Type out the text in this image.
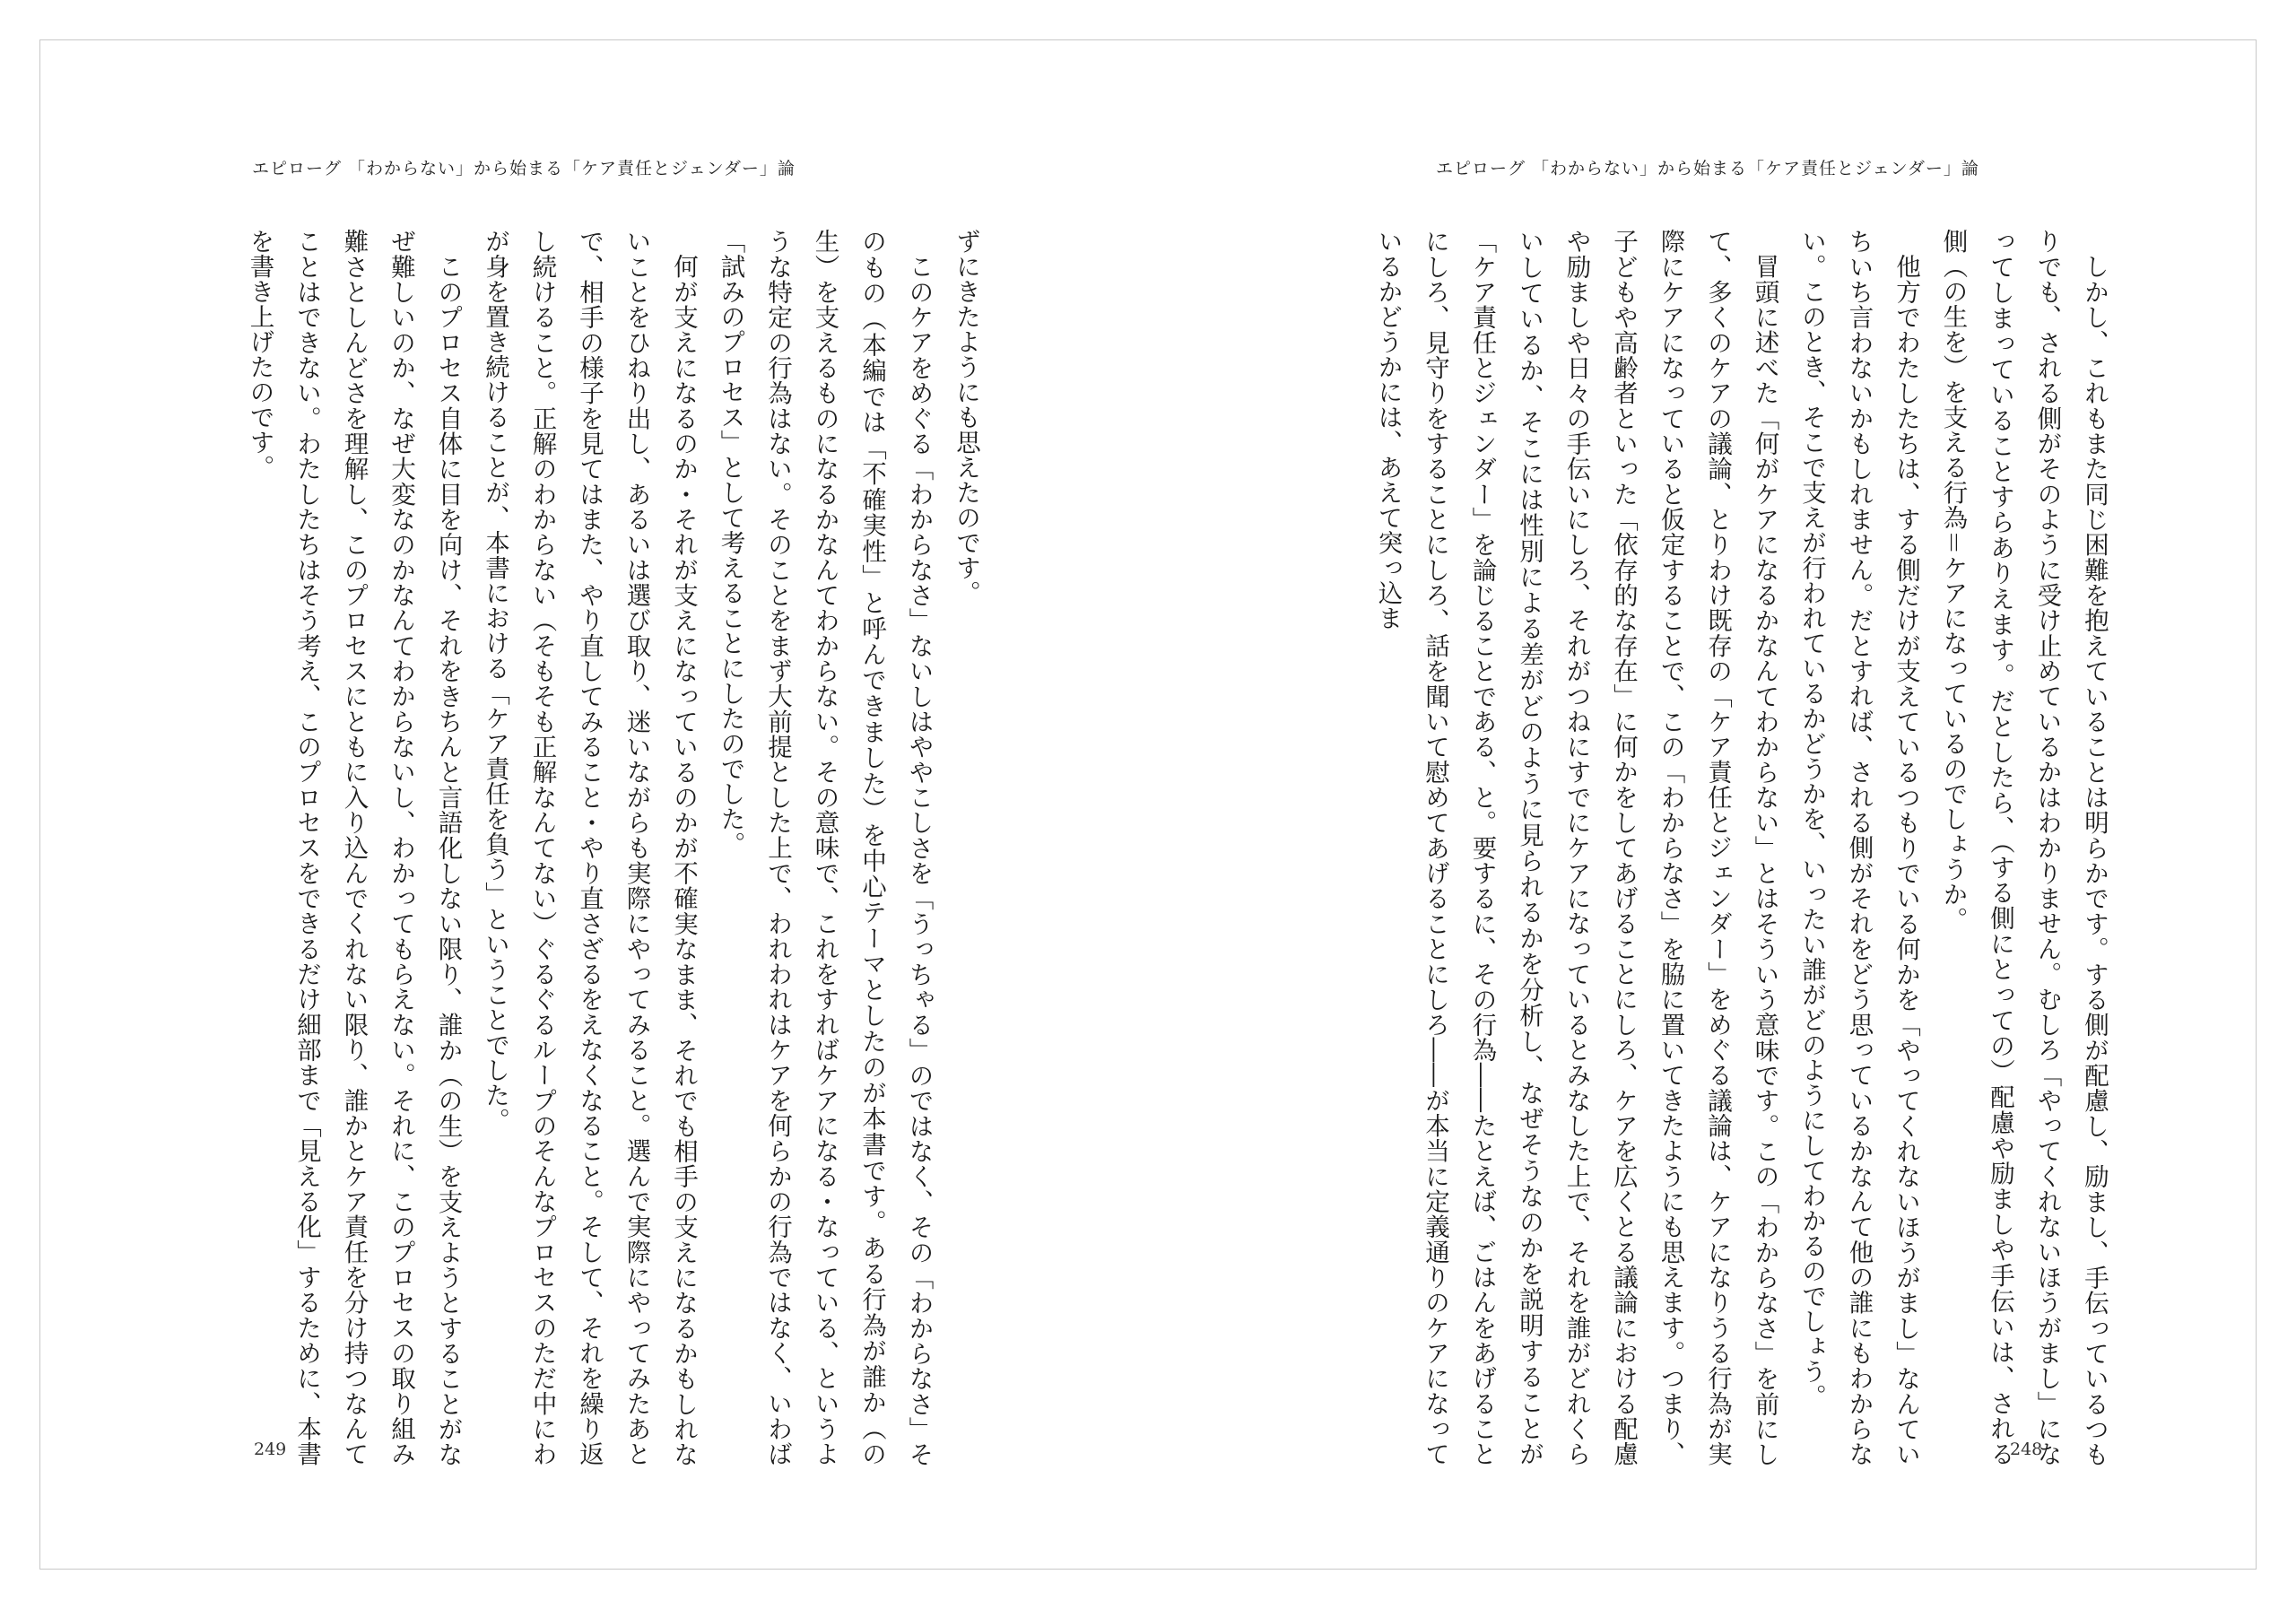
エピローグ 「わからない」から始まる「ケア責任とジェンダー」論

ずにきたようにも思えたのです。

このケアをめぐる「わからなさ」ないしはややこしさを「うっちゃる」のではなく、その「わからなさ」そのもの（本編では「不確実性」と呼んできました）を中心テーマとしたのが本書です。ある行為が誰か（の生）を支えるものになるかなんてわからない。その意味で、これをすればケアになる・なっている、というような特定の行為はない。そのことをまず大前提とした上で、われわれはケアを何らかの行為ではなく、いわば「試みのプロセス」として考えることにしたのでした。

何が支えになるのか・それが支えになっているのかが不確実なまま、それでも相手の支えになるかもしれないことをひねり出し、あるいは選び取り、迷いながらも実際にやってみること。選んで実際にやってみたあとで、相手の様子を見てはまた、やり直してみること・やり直さざるをえなくなること。そして、それを繰り返し続けること。正解のわからない（そもそも正解なんてない）ぐるぐるループのそんなプロセスのただ中にわが身を置き続けることが、本書における「ケア責任を負う」ということでした。

このプロセス自体に目を向け、それをきちんと言語化しない限り、誰か（の生）を支えようとすることがなぜ難しいのか、なぜ大変なのかなんてわからないし、わかってもらえない。それに、このプロセスの取り組み難さとしんどさを理解し、このプロセスにともに入り込んでくれない限り、誰かとケア責任を分け持つなんてことはできない。わたしたちはそう考え、このプロセスをできるだけ細部まで「見える化」するために、本書を書き上げたのです。

249
エピローグ 「わからない」から始まる「ケア責任とジェンダー」論

しかし、これもまた同じ困難を抱えていることは明らかです。する側が配慮し、励まし、手伝っているつもりでも、される側がそのように受け止めているかはわかりません。むしろ「やってくれないほうがまし」になってしまっていることすらありえます。だとしたら、（する側にとっての）配慮や励ましや手伝いは、される側（の生を）を支える行為＝ケアになっているのでしょうか。

他方でわたしたちは、する側だけが支えているつもりでいる何かを「やってくれないほうがまし」なんていちいち言わないかもしれません。だとすれば、される側がそれをどう思っているかなんて他の誰にもわからない。このとき、そこで支えが行われているかどうかを、いったい誰がどのようにしてわかるのでしょう。

冒頭に述べた「何がケアになるかなんてわからない」とはそういう意味です。この「わからなさ」を前にして、多くのケアの議論、とりわけ既存の「ケア責任とジェンダー」をめぐる議論は、ケアになりうる行為が実際にケアになっていると仮定することで、この「わからなさ」を脇に置いてきたようにも思えます。つまり、子どもや高齢者といった「依存的な存在」に何かをしてあげることにしろ、ケアを広くとる議論における配慮や励ましや日々の手伝いにしろ、それがつねにすでにケアになっているとみなした上で、それを誰がどれくらいしているか、そこには性別による差がどのように見られるかを分析し、なぜそうなのかを説明することが「ケア責任とジェンダー」を論じることである、と。要するに、その行為――たとえば、ごはんをあげることにしろ、見守りをすることにしろ、話を聞いて慰めてあげることにしろ――が本当に定義通りのケアになっているかどうかには、あえて突っ込ま

248
